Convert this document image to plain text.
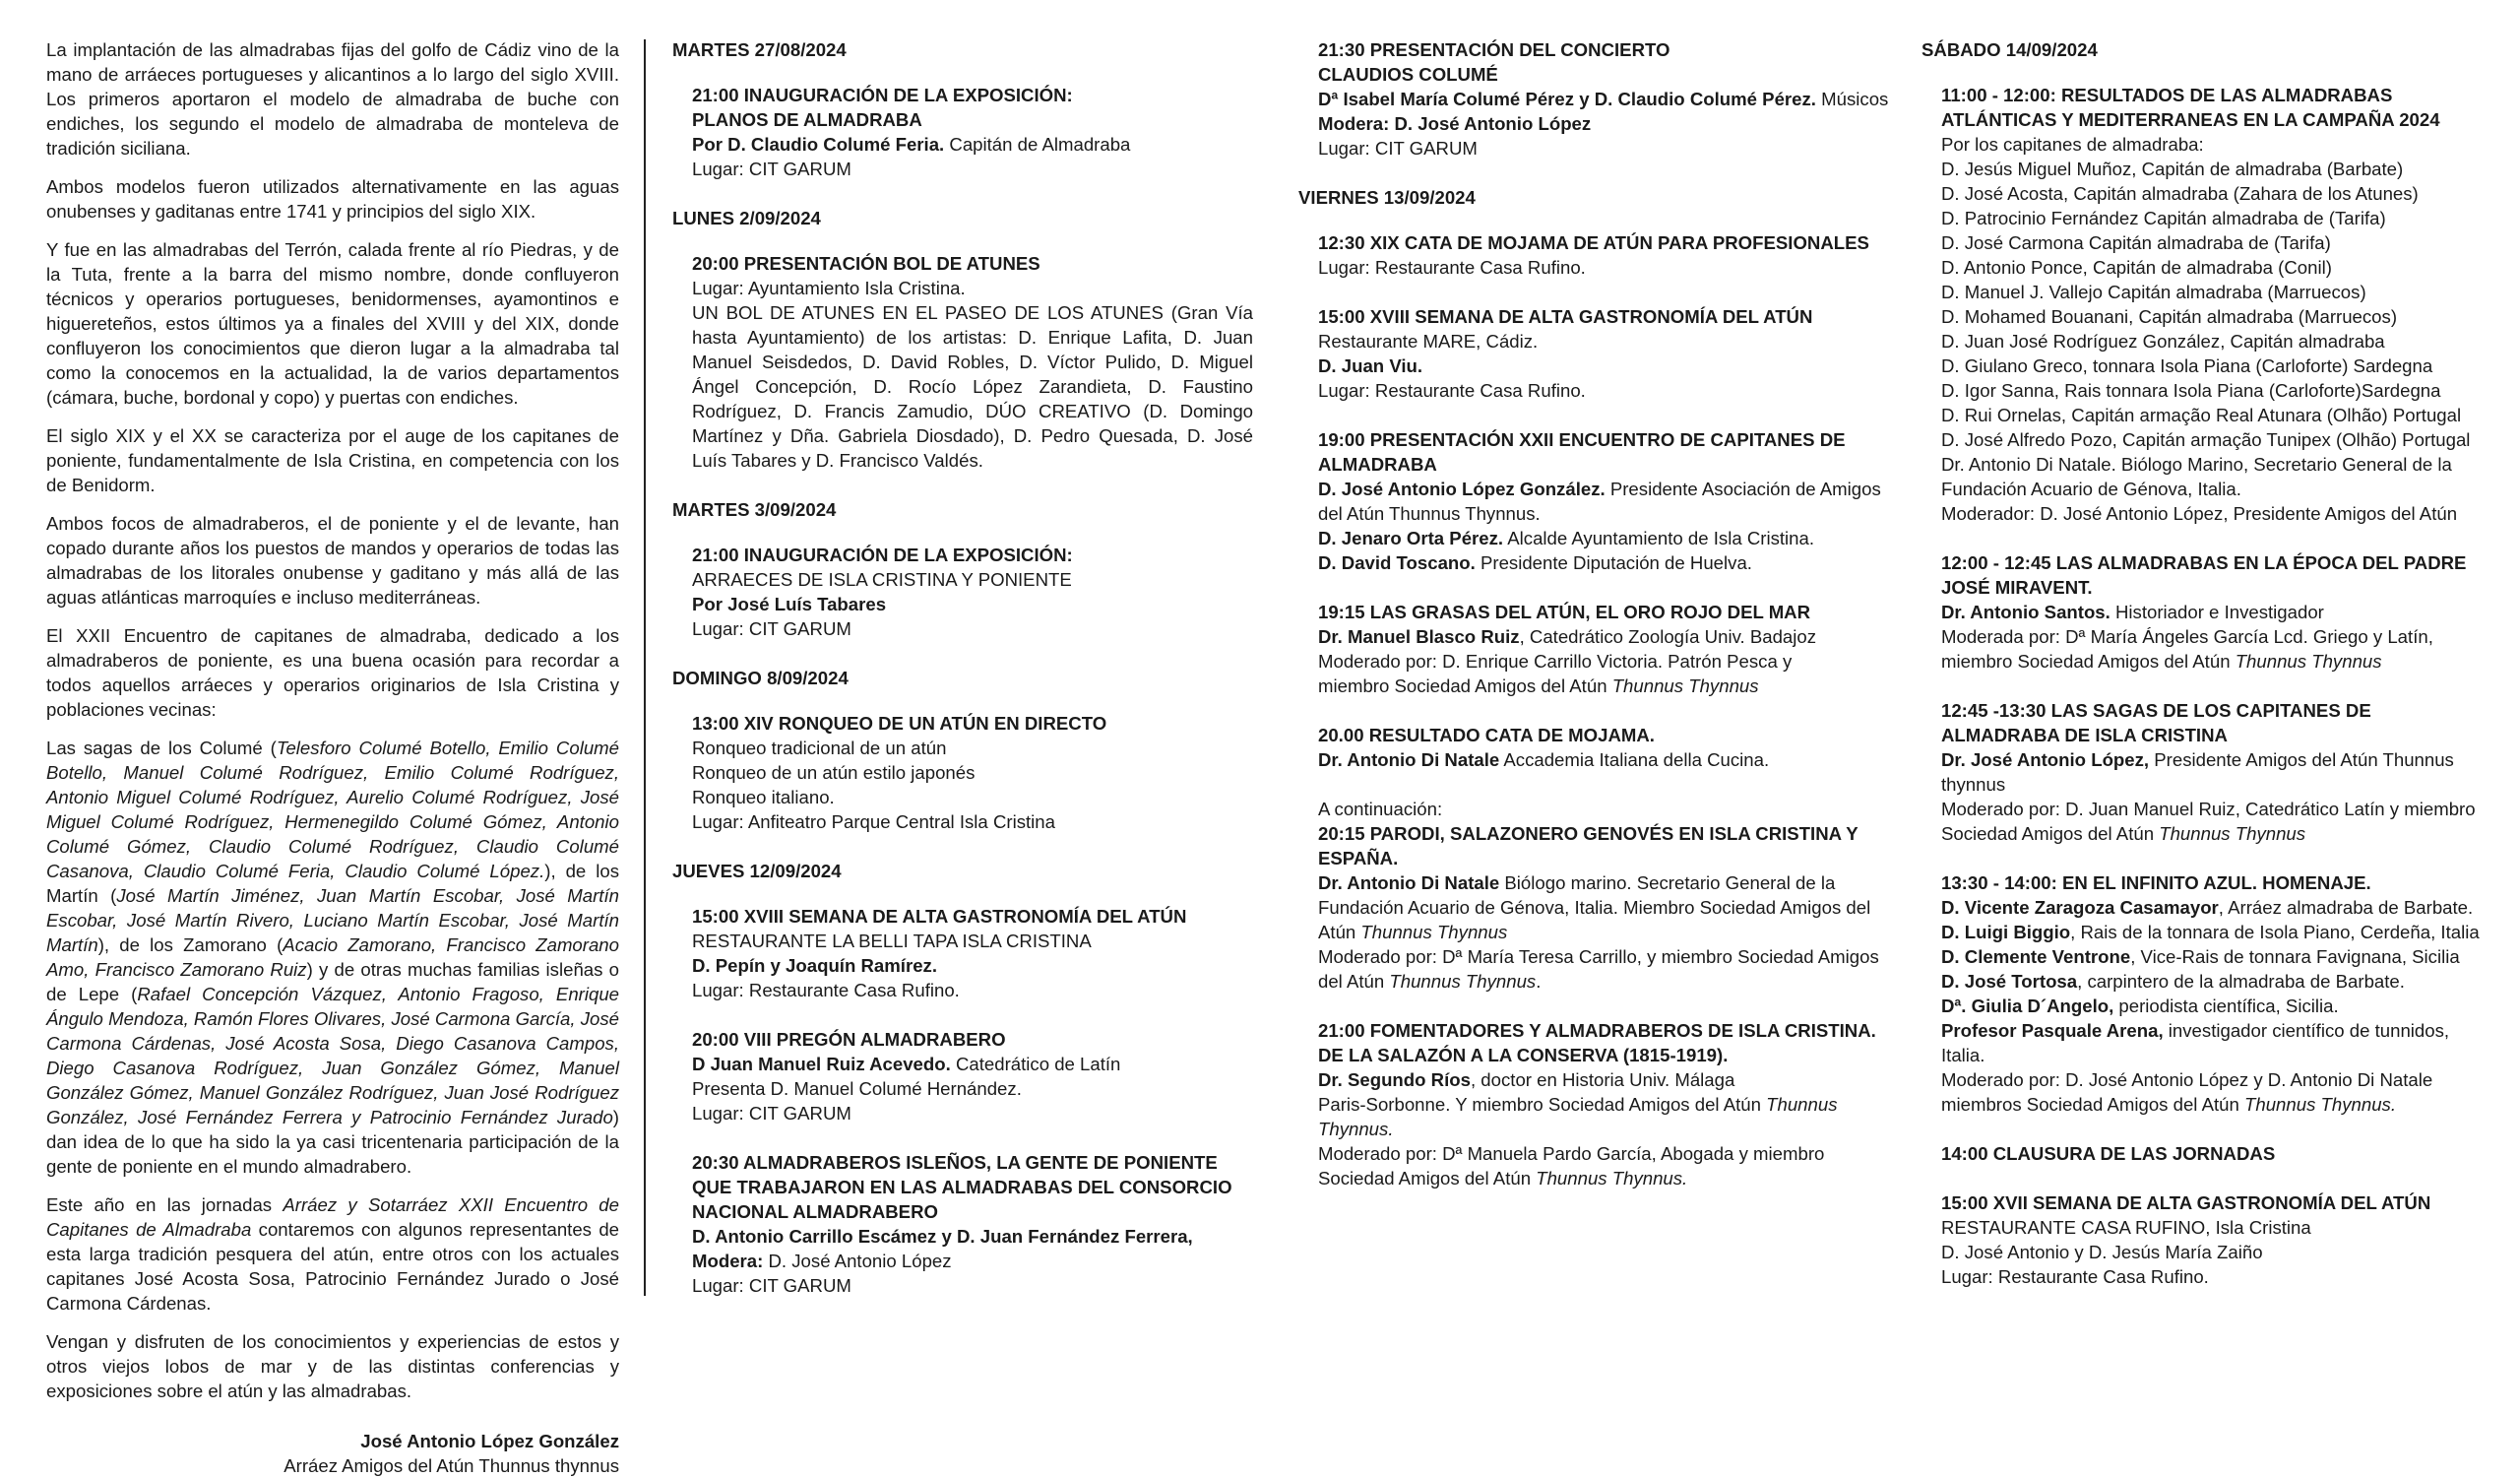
La implantación de las almadrabas fijas del golfo de Cádiz vino de la mano de arráeces portugueses y alicantinos a lo largo del siglo XVIII. Los primeros aportaron el modelo de almadraba de buche con endiches, los segundo el modelo de almadraba de monteleva de tradición siciliana.

Ambos modelos fueron utilizados alternativamente en las aguas onubenses y gaditanas entre 1741 y principios del siglo XIX.

Y fue en las almadrabas del Terrón, calada frente al río Piedras, y de la Tuta, frente a la barra del mismo nombre, donde confluyeron técnicos y operarios portugueses, benidormenses, ayamontinos e higuereteños, estos últimos ya a finales del XVIII y del XIX, donde confluyeron los conocimientos que dieron lugar a la almadraba tal como la conocemos en la actualidad, la de varios departamentos (cámara, buche, bordonal y copo) y puertas con endiches.

El siglo XIX y el XX se caracteriza por el auge de los capitanes de poniente, fundamentalmente de Isla Cristina, en competencia con los de Benidorm.

Ambos focos de almadraberos, el de poniente y el de levante, han copado durante años los puestos de mandos y operarios de todas las almadrabas de los litorales onubense y gaditano y más allá de las aguas atlánticas marroquíes e incluso mediterráneas.

El XXII Encuentro de capitanes de almadraba, dedicado a los almadraberos de poniente, es una buena ocasión para recordar a todos aquellos arráeces y operarios originarios de Isla Cristina y poblaciones vecinas:

Las sagas de los Columé (Telesforo Columé Botello, Emilio Columé Botello, Manuel Columé Rodríguez, Emilio Columé Rodríguez, Antonio Miguel Columé Rodríguez, Aurelio Columé Rodríguez, José Miguel Columé Rodríguez, Hermenegildo Columé Gómez, Antonio Columé Gómez, Claudio Columé Rodríguez, Claudio Columé Casanova, Claudio Columé Feria, Claudio Columé López.), de los Martín (José Martín Jiménez, Juan Martín Escobar, José Martín Escobar, José Martín Rivero, Luciano Martín Escobar, José Martín Martín), de los Zamorano (Acacio Zamorano, Francisco Zamorano Amo, Francisco Zamorano Ruiz) y de otras muchas familias isleñas o de Lepe (Rafael Concepción Vázquez, Antonio Fragoso, Enrique Ángulo Mendoza, Ramón Flores Olivares, José Carmona García, José Carmona Cárdenas, José Acosta Sosa, Diego Casanova Campos, Diego Casanova Rodríguez, Juan González Gómez, Manuel González Gómez, Manuel González Rodríguez, Juan José Rodríguez González, José Fernández Ferrera y Patrocinio Fernández Jurado) dan idea de lo que ha sido la ya casi tricentenaria participación de la gente de poniente en el mundo almadrabero.

Este año en las jornadas Arráez y Sotarráez XXII Encuentro de Capitanes de Almadraba contaremos con algunos representantes de esta larga tradición pesquera del atún, entre otros con los actuales capitanes José Acosta Sosa, Patrocinio Fernández Jurado o José Carmona Cárdenas.

Vengan y disfruten de los conocimientos y experiencias de estos y otros viejos lobos de mar y de las distintas conferencias y exposiciones sobre el atún y las almadrabas.

José Antonio López González
Arráez Amigos del Atún Thunnus thynnus
MARTES 27/08/2024
21:00 INAUGURACIÓN DE LA EXPOSICIÓN:
PLANOS DE ALMADRABA
Por D. Claudio Columé Feria. Capitán de Almadraba
Lugar: CIT GARUM
LUNES 2/09/2024
20:00 PRESENTACIÓN BOL DE ATUNES
Lugar: Ayuntamiento Isla Cristina.
UN BOL DE ATUNES EN EL PASEO DE LOS ATUNES (Gran Vía hasta Ayuntamiento) de los artistas: D. Enrique Lafita, D. Juan Manuel Seisdedos, D. David Robles, D. Víctor Pulido, D. Miguel Ángel Concepción, D. Rocío López Zarandieta, D. Faustino Rodríguez, D. Francis Zamudio, DÚO CREATIVO (D. Domingo Martínez y Dña. Gabriela Diosdado), D. Pedro Quesada, D. José Luís Tabares y D. Francisco Valdés.
MARTES 3/09/2024
21:00 INAUGURACIÓN DE LA EXPOSICIÓN:
ARRAECES DE ISLA CRISTINA Y PONIENTE
Por José Luís Tabares
Lugar: CIT GARUM
DOMINGO 8/09/2024
13:00 XIV RONQUEO DE UN ATÚN EN DIRECTO
Ronqueo tradicional de un atún
Ronqueo de un atún estilo japonés
Ronqueo italiano.
Lugar: Anfiteatro Parque Central Isla Cristina
JUEVES 12/09/2024
15:00 XVIII SEMANA DE ALTA GASTRONOMÍA DEL ATÚN
RESTAURANTE LA BELLI TAPA ISLA CRISTINA
D. Pepín y Joaquín Ramírez.
Lugar: Restaurante Casa Rufino.
20:00 VIII PREGÓN ALMADRABERO
D Juan Manuel Ruiz Acevedo. Catedrático de Latín
Presenta D. Manuel Columé Hernández.
Lugar: CIT GARUM
20:30 ALMADRABEROS ISLEÑOS, LA GENTE DE PONIENTE QUE TRABAJARON EN LAS ALMADRABAS DEL CONSORCIO NACIONAL ALMADRABERO
D. Antonio Carrillo Escámez y D. Juan Fernández Ferrera,
Modera: D. José Antonio López
Lugar: CIT GARUM
21:30 PRESENTACIÓN DEL CONCIERTO
CLAUDIOS COLUMÉ
Dª Isabel María Columé Pérez y D. Claudio Columé Pérez. Músicos
Modera: D. José Antonio López
Lugar: CIT GARUM
VIERNES 13/09/2024
12:30 XIX CATA DE MOJAMA DE ATÚN PARA PROFESIONALES
Lugar: Restaurante Casa Rufino.
15:00 XVIII SEMANA DE ALTA GASTRONOMÍA DEL ATÚN
Restaurante MARE, Cádiz.
D. Juan Viu.
Lugar: Restaurante Casa Rufino.
19:00 PRESENTACIÓN XXII ENCUENTRO DE CAPITANES DE ALMADRABA
D. José Antonio López González. Presidente Asociación de Amigos del Atún Thunnus Thynnus.
D. Jenaro Orta Pérez. Alcalde Ayuntamiento de Isla Cristina.
D. David Toscano. Presidente Diputación de Huelva.
19:15 LAS GRASAS DEL ATÚN, EL ORO ROJO DEL MAR
Dr. Manuel Blasco Ruiz, Catedrático Zoología Univ. Badajoz
Moderado por: D. Enrique Carrillo Victoria. Patrón Pesca y
miembro Sociedad Amigos del Atún Thunnus Thynnus
20.00 RESULTADO CATA DE MOJAMA.
Dr. Antonio Di Natale Accademia Italiana della Cucina.
A continuación:
20:15 PARODI, SALAZONERO GENOVÉS EN ISLA CRISTINA Y ESPAÑA.
Dr. Antonio Di Natale Biólogo marino. Secretario General de la Fundación Acuario de Génova, Italia. Miembro Sociedad Amigos del Atún Thunnus Thynnus
Moderado por: Dª María Teresa Carrillo, y miembro Sociedad Amigos del Atún Thunnus Thynnus.
21:00 FOMENTADORES Y ALMADRABEROS DE ISLA CRISTINA. DE LA SALAZÓN A LA CONSERVA (1815-1919).
Dr. Segundo Ríos, doctor en Historia Univ. Málaga
Paris-Sorbonne. Y miembro Sociedad Amigos del Atún Thunnus Thynnus.
Moderado por: Dª Manuela Pardo García, Abogada y miembro Sociedad Amigos del Atún Thunnus Thynnus.
SÁBADO 14/09/2024
11:00 - 12:00: RESULTADOS DE LAS ALMADRABAS ATLÁNTICAS Y MEDITERRANEAS EN LA CAMPAÑA 2024
Por los capitanes de almadraba:
D. Jesús Miguel Muñoz, Capitán de almadraba (Barbate)
D. José Acosta, Capitán almadraba (Zahara de los Atunes)
D. Patrocinio Fernández Capitán almadraba de (Tarifa)
D. José Carmona Capitán almadraba de (Tarifa)
D. Antonio Ponce, Capitán de almadraba (Conil)
D. Manuel J. Vallejo Capitán almadraba (Marruecos)
D. Mohamed Bouanani, Capitán almadraba (Marruecos)
D. Juan José Rodríguez González, Capitán almadraba
D. Giulano Greco, tonnara Isola Piana (Carloforte) Sardegna
D. Igor Sanna, Rais tonnara Isola Piana (Carloforte)Sardegna
D. Rui Ornelas, Capitán armação Real Atunara (Olhão) Portugal
D. José Alfredo Pozo, Capitán armação Tunipex (Olhão) Portugal
Dr. Antonio Di Natale. Biólogo Marino, Secretario General de la Fundación Acuario de Génova, Italia.
Moderador: D. José Antonio López, Presidente Amigos del Atún
12:00 - 12:45 LAS ALMADRABAS EN LA ÉPOCA DEL PADRE JOSÉ MIRAVENT.
Dr. Antonio Santos. Historiador e Investigador
Moderada por: Dª María Ángeles García Lcd. Griego y Latín, miembro Sociedad Amigos del Atún Thunnus Thynnus
12:45 -13:30 LAS SAGAS DE LOS CAPITANES DE ALMADRABA DE ISLA CRISTINA
Dr. José Antonio López, Presidente Amigos del Atún Thunnus thynnus
Moderado por: D. Juan Manuel Ruiz, Catedrático Latín y miembro Sociedad Amigos del Atún Thunnus Thynnus
13:30 - 14:00: EN EL INFINITO AZUL. HOMENAJE.
D. Vicente Zaragoza Casamayor, Arráez almadraba de Barbate.
D. Luigi Biggio, Rais de la tonnara de Isola Piano, Cerdeña, Italia
D. Clemente Ventrone, Vice-Rais de tonnara Favignana, Sicilia
D. José Tortosa, carpintero de la almadraba de Barbate.
Dª. Giulia D´Angelo, periodista científica, Sicilia.
Profesor Pasquale Arena, investigador científico de tunnidos, Italia.
Moderado por: D. José Antonio López y D. Antonio Di Natale miembros Sociedad Amigos del Atún Thunnus Thynnus.
14:00 CLAUSURA DE LAS JORNADAS
15:00 XVII SEMANA DE ALTA GASTRONOMÍA DEL ATÚN
RESTAURANTE CASA RUFINO, Isla Cristina
D. José Antonio y D. Jesús María Zaiño
Lugar: Restaurante Casa Rufino.
